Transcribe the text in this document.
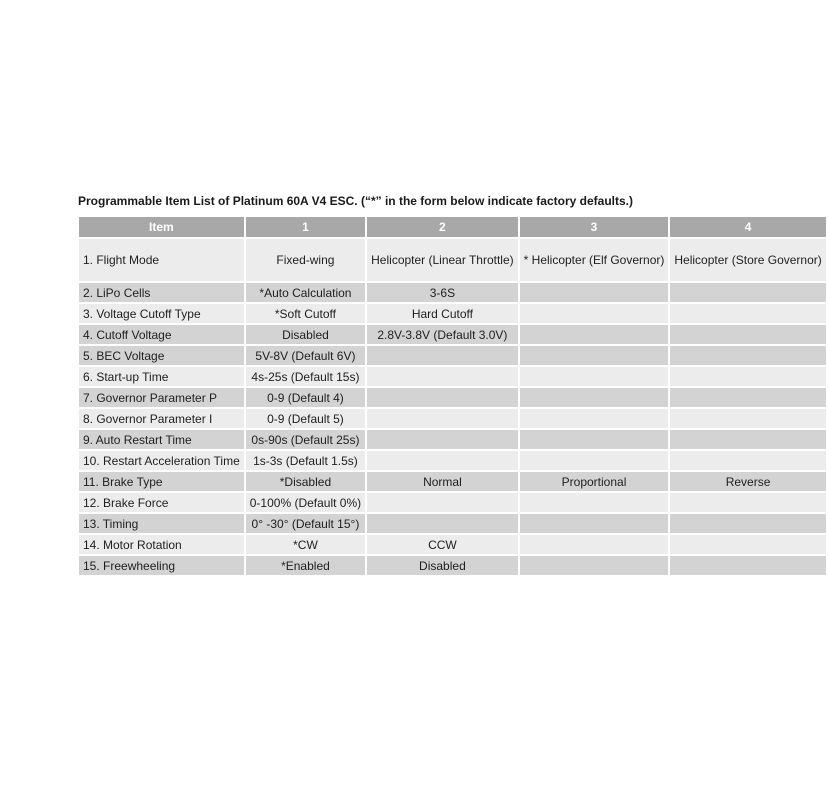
Programmable Item List of Platinum 60A V4 ESC. (“*” in the form below indicate factory defaults.)
Item	1	2	3	4
1. Flight Mode	Fixed-wing	Helicopter (Linear Throttle)	* Helicopter (Elf Governor)	Helicopter (Store Governor)
2. LiPo Cells	*Auto Calculation	3-6S		
3. Voltage Cutoff Type	*Soft Cutoff	Hard Cutoff		
4. Cutoff Voltage	Disabled	2.8V-3.8V (Default 3.0V)		
5. BEC Voltage	5V-8V (Default 6V)			
6. Start-up Time	4s-25s (Default 15s)			
7. Governor Parameter P	0-9 (Default 4)			
8. Governor Parameter I	0-9 (Default 5)			
9. Auto Restart Time	0s-90s (Default 25s)			
10. Restart Acceleration Time	1s-3s (Default 1.5s)			
11. Brake Type	*Disabled	Normal	Proportional	Reverse
12. Brake Force	0-100% (Default 0%)			
13. Timing	0° -30° (Default 15°)			
14. Motor Rotation	*CW	CCW		
15. Freewheeling	*Enabled	Disabled		
